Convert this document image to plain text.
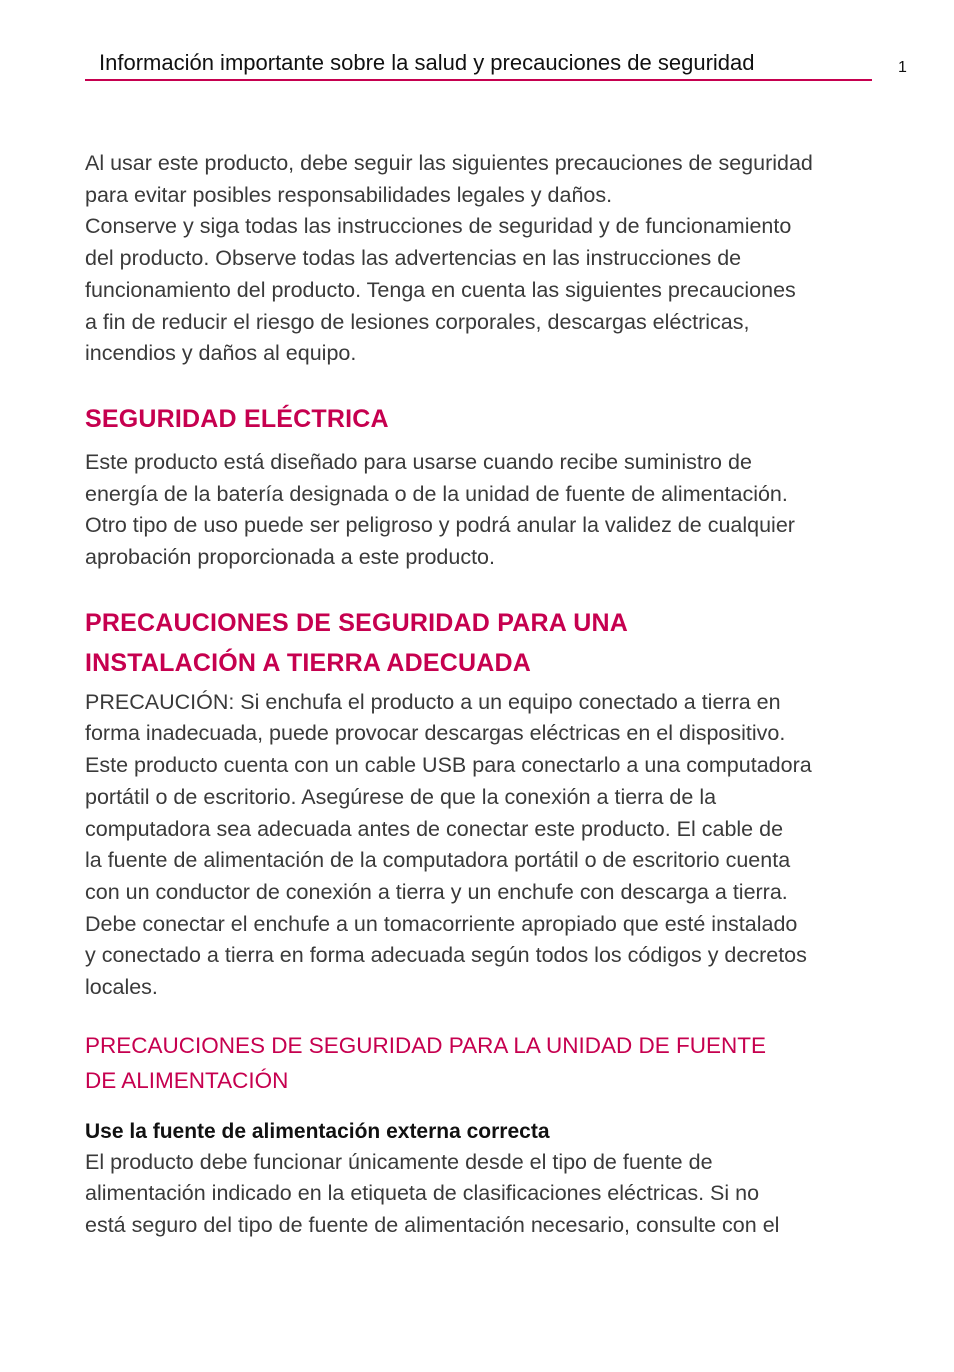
Información importante sobre la salud y precauciones de seguridad	1

Al usar este producto, debe seguir las siguientes precauciones de seguridad
para evitar posibles responsabilidades legales y daños.
Conserve y siga todas las instrucciones de seguridad y de funcionamiento
del producto. Observe todas las advertencias en las instrucciones de
funcionamiento del producto. Tenga en cuenta las siguientes precauciones
a fin de reducir el riesgo de lesiones corporales, descargas eléctricas,
incendios y daños al equipo.

SEGURIDAD ELÉCTRICA

Este producto está diseñado para usarse cuando recibe suministro de
energía de la batería designada o de la unidad de fuente de alimentación.
Otro tipo de uso puede ser peligroso y podrá anular la validez de cualquier
aprobación proporcionada a este producto.

PRECAUCIONES DE SEGURIDAD PARA UNA
INSTALACIÓN A TIERRA ADECUADA

PRECAUCIÓN: Si enchufa el producto a un equipo conectado a tierra en
forma inadecuada, puede provocar descargas eléctricas en el dispositivo.
Este producto cuenta con un cable USB para conectarlo a una computadora
portátil o de escritorio. Asegúrese de que la conexión a tierra de la
computadora sea adecuada antes de conectar este producto. El cable de
la fuente de alimentación de la computadora portátil o de escritorio cuenta
con un conductor de conexión a tierra y un enchufe con descarga a tierra.
Debe conectar el enchufe a un tomacorriente apropiado que esté instalado
y conectado a tierra en forma adecuada según todos los códigos y decretos
locales.

PRECAUCIONES DE SEGURIDAD PARA LA UNIDAD DE FUENTE
DE ALIMENTACIÓN
Use la fuente de alimentación externa correcta

El producto debe funcionar únicamente desde el tipo de fuente de
alimentación indicado en la etiqueta de clasificaciones eléctricas. Si no
está seguro del tipo de fuente de alimentación necesario, consulte con el
